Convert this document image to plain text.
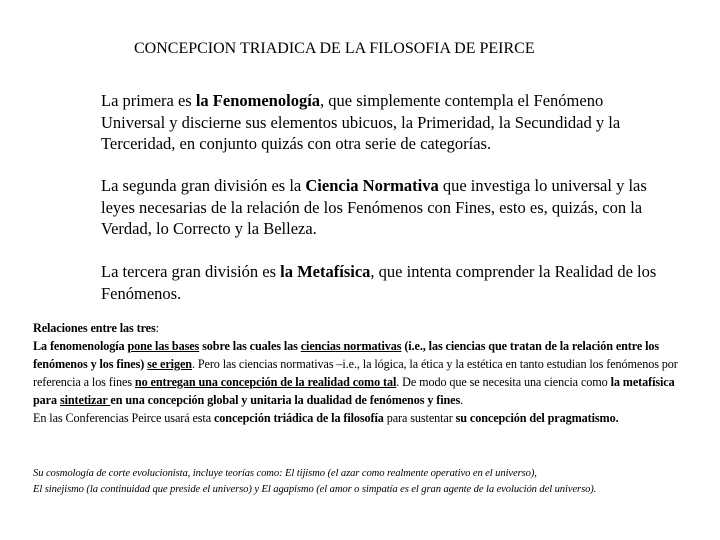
CONCEPCION TRIADICA DE LA FILOSOFIA DE PEIRCE
La primera es la Fenomenología, que simplemente contempla el Fenómeno Universal y discierne sus elementos ubicuos, la Primeridad, la Secundidad y la Terceridad, en conjunto quizás con otra serie de categorías.
La segunda gran división es la Ciencia Normativa que investiga lo universal y las leyes necesarias de la relación de los Fenómenos con Fines, esto es, quizás, con la Verdad, lo Correcto y la Belleza.
La tercera gran división es la Metafísica, que intenta comprender la Realidad de los Fenómenos.
Relaciones entre las tres:
La fenomenología pone las bases sobre las cuales las ciencias normativas (i.e., las ciencias que tratan de la relación entre los fenómenos y los fines) se erigen. Pero las ciencias normativas –i.e., la lógica, la ética y la estética en tanto estudian los fenómenos por referencia a los fines no entregan una concepción de la realidad como tal. De modo que se necesita una ciencia como la metafísica para sintetizar en una concepción global y unitaria la dualidad de fenómenos y fines.
En las Conferencias Peirce usará esta concepción triádica de la filosofía para sustentar su concepción del pragmatismo.
Su cosmología de corte evolucionista, incluye teorías como: El tijismo (el azar como realmente operativo en el universo),
El sinejismo (la continuidad que preside el universo) y El agapismo (el amor o simpatía es el gran agente de la evolución del universo).
